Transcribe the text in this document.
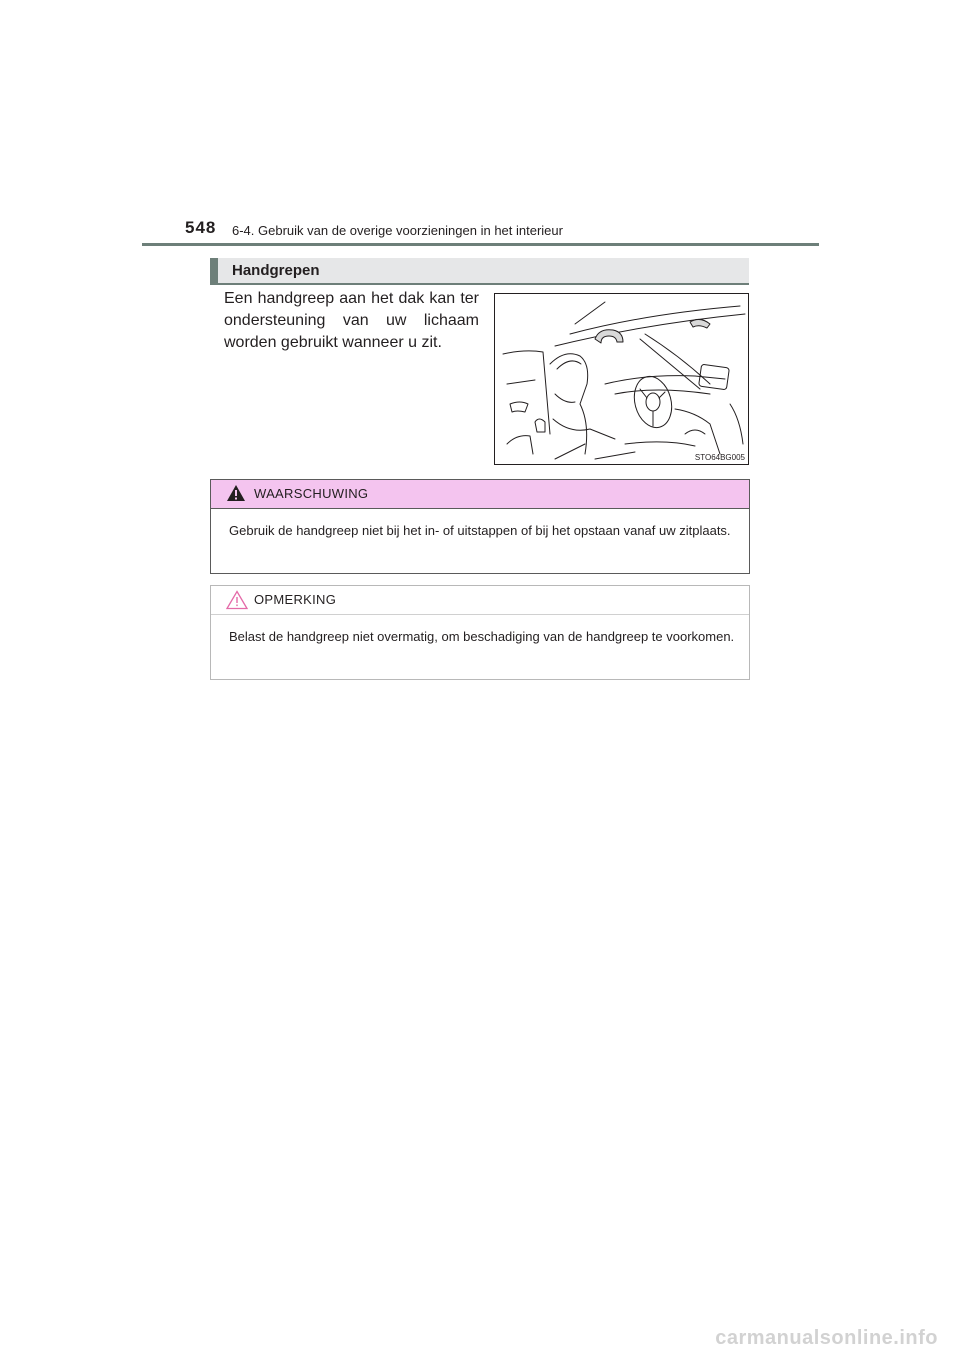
548 6-4. Gebruik van de overige voorzieningen in het interieur
Handgrepen
Een handgreep aan het dak kan ter ondersteuning van uw lichaam worden gebruikt wanneer u zit.
STO64BG005
WAARSCHUWING
Gebruik de handgreep niet bij het in- of uitstappen of bij het opstaan vanaf uw zitplaats.
OPMERKING
Belast de handgreep niet overmatig, om beschadiging van de handgreep te voorkomen.
carmanualsonline.info
